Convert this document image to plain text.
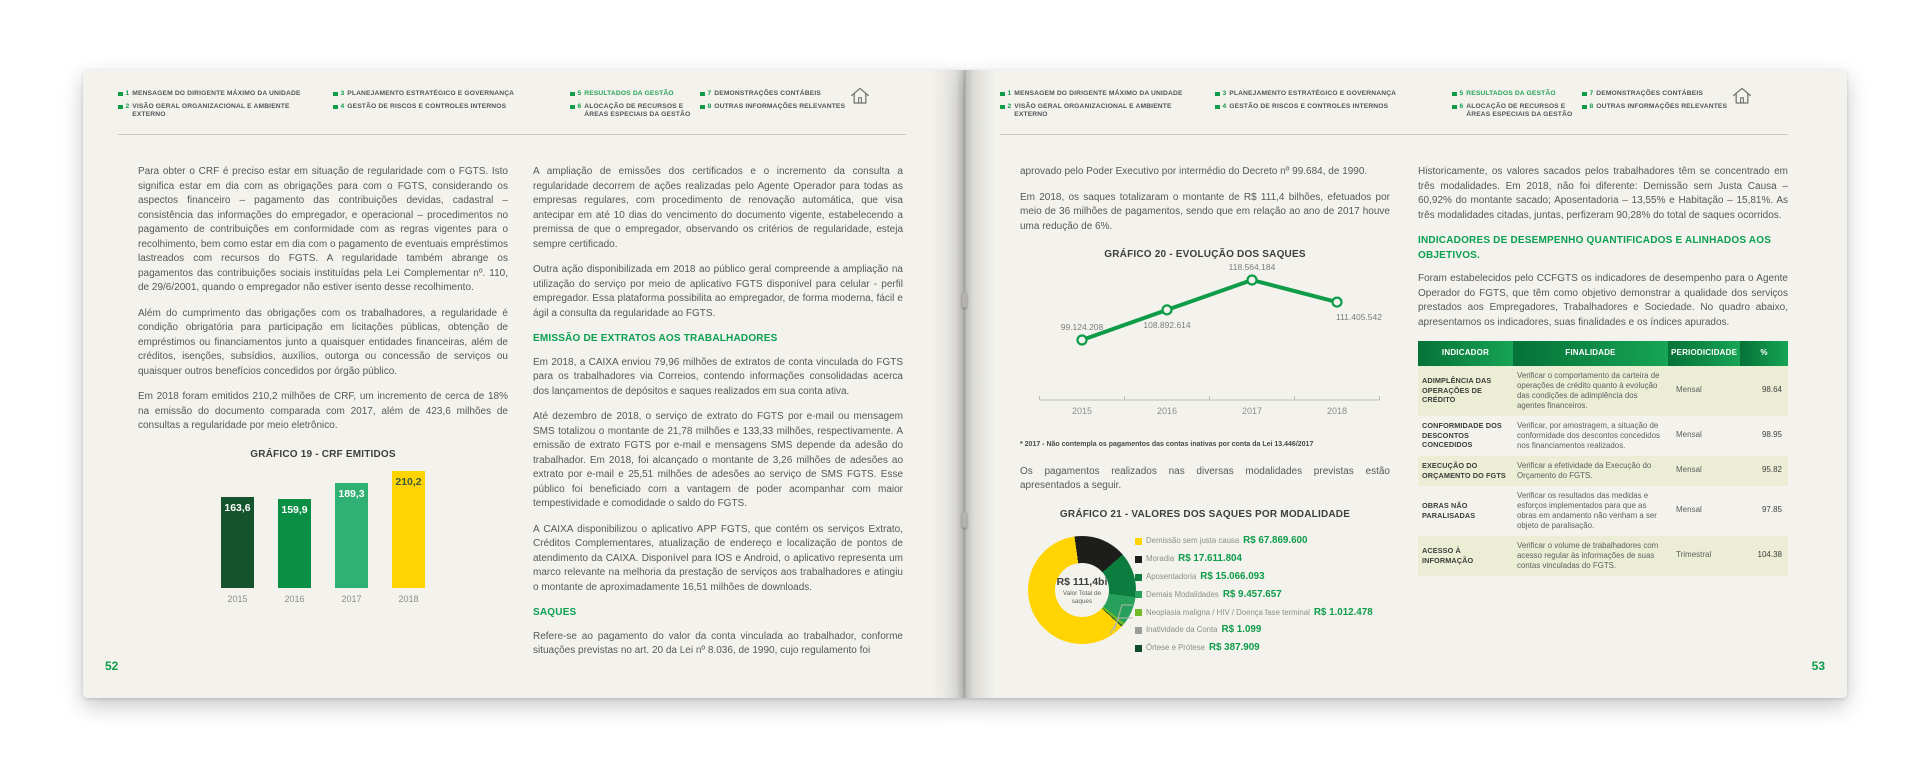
1 MENSAGEM DO DIRIGENTE MÁXIMO DA UNIDADE
2 VISÃO GERAL ORGANIZACIONAL E AMBIENTE EXTERNO
3 PLANEJAMENTO ESTRATÉGICO E GOVERNANÇA
4 GESTÃO DE RISCOS E CONTROLES INTERNOS
5 RESULTADOS DA GESTÃO
6 ALOCAÇÃO DE RECURSOS E ÁREAS ESPECIAIS DA GESTÃO
7 DEMONSTRAÇÕES CONTÁBEIS
8 OUTRAS INFORMAÇÕES RELEVANTES

Para obter o CRF é preciso estar em situação de regularidade com o FGTS. Isto significa estar em dia com as obrigações para com o FGTS, considerando os aspectos financeiro – pagamento das contribuições devidas, cadastral – consistência das informações do empregador, e operacional – procedimentos no pagamento de contribuições em conformidade com as regras vigentes para o recolhimento, bem como estar em dia com o pagamento de eventuais empréstimos lastreados com recursos do FGTS. A regularidade também abrange os pagamentos das contribuições sociais instituídas pela Lei Complementar nº. 110, de 29/6/2001, quando o empregador não estiver isento desse recolhimento.

Além do cumprimento das obrigações com os trabalhadores, a regularidade é condição obrigatória para participação em licitações públicas, obtenção de empréstimos ou financiamentos junto a quaisquer entidades financeiras, além de créditos, isenções, subsídios, auxílios, outorga ou concessão de serviços ou quaisquer outros benefícios concedidos por órgão público.

Em 2018 foram emitidos 210,2 milhões de CRF, um incremento de cerca de 18% na emissão do documento comparada com 2017, além de 423,6 milhões de consultas a regularidade por meio eletrônico.

GRÁFICO 19 - CRF EMITIDOS
163,6
2015
159,9
2016
189,3
2017
210,2
2018

A ampliação de emissões dos certificados e o incremento da consulta a regularidade decorrem de ações realizadas pelo Agente Operador para todas as empresas regulares, com procedimento de renovação automática, que visa antecipar em até 10 dias do vencimento do documento vigente, estabelecendo a premissa de que o empregador, observando os critérios de regularidade, esteja sempre certificado.

Outra ação disponibilizada em 2018 ao público geral compreende a ampliação na utilização do serviço por meio de aplicativo FGTS disponível para celular - perfil empregador. Essa plataforma possibilita ao empregador, de forma moderna, fácil e ágil a consulta da regularidade ao FGTS.

EMISSÃO DE EXTRATOS AOS TRABALHADORES

Em 2018, a CAIXA enviou 79,96 milhões de extratos de conta vinculada do FGTS para os trabalhadores via Correios, contendo informações consolidadas acerca dos lançamentos de depósitos e saques realizados em sua conta ativa.

Até dezembro de 2018, o serviço de extrato do FGTS por e-mail ou mensagem SMS totalizou o montante de 21,78 milhões e 133,33 milhões, respectivamente. A emissão de extrato FGTS por e-mail e mensagens SMS depende da adesão do trabalhador. Em 2018, foi alcançado o montante de 3,26 milhões de adesões ao extrato por e-mail e 25,51 milhões de adesões ao serviço de SMS FGTS. Esse público foi beneficiado com a vantagem de poder acompanhar com maior tempestividade e comodidade o saldo do FGTS.

A CAIXA disponibilizou o aplicativo APP FGTS, que contém os serviços Extrato, Créditos Complementares, atualização de endereço e localização de pontos de atendimento da CAIXA. Disponível para IOS e Android, o aplicativo representa um marco relevante na melhoria da prestação de serviços aos trabalhadores e atingiu o montante de aproximadamente 16,51 milhões de downloads.

SAQUES

Refere-se ao pagamento do valor da conta vinculada ao trabalhador, conforme situações previstas no art. 20 da Lei nº 8.036, de 1990, cujo regulamento foi

52
1 MENSAGEM DO DIRIGENTE MÁXIMO DA UNIDADE
2 VISÃO GERAL ORGANIZACIONAL E AMBIENTE EXTERNO
3 PLANEJAMENTO ESTRATÉGICO E GOVERNANÇA
4 GESTÃO DE RISCOS E CONTROLES INTERNOS
5 RESULTADOS DA GESTÃO
6 ALOCAÇÃO DE RECURSOS E ÁREAS ESPECIAIS DA GESTÃO
7 DEMONSTRAÇÕES CONTÁBEIS
8 OUTRAS INFORMAÇÕES RELEVANTES

aprovado pelo Poder Executivo por intermédio do Decreto nº 99.684, de 1990.

Em 2018, os saques totalizaram o montante de R$ 111,4 bilhões, efetuados por meio de 36 milhões de pagamentos, sendo que em relação ao ano de 2017 houve uma redução de 6%.

GRÁFICO 20 - EVOLUÇÃO DOS SAQUES
99.124.208
2015
108.892.614
2016
118.564.184
2017
111.405.542
2018
* 2017 - Não contempla os pagamentos das contas inativas por conta da Lei 13.446/2017

Os pagamentos realizados nas diversas modalidades previstas estão apresentados a seguir.

GRÁFICO 21 - VALORES DOS SAQUES POR MODALIDADE
R$ 111,4bi
Valor Total de saques
Demissão sem justa causa R$ 67.869.600
Moradia R$ 17.611.804
Aposentadoria R$ 15.066.093
Demais Modalidades R$ 9.457.657
Neoplasia maligna / HIV / Doença fase terminal R$ 1.012.478
Inatividade da Conta R$ 1.099
Órtese e Prótese R$ 387.909

Historicamente, os valores sacados pelos trabalhadores têm se concentrado em três modalidades. Em 2018, não foi diferente: Demissão sem Justa Causa – 60,92% do montante sacado; Aposentadoria – 13,55% e Habitação – 15,81%. As três modalidades citadas, juntas, perfizeram 90,28% do total de saques ocorridos.

INDICADORES DE DESEMPENHO QUANTIFICADOS E ALINHADOS AOS OBJETIVOS.

Foram estabelecidos pelo CCFGTS os indicadores de desempenho para o Agente Operador do FGTS, que têm como objetivo demonstrar a qualidade dos serviços prestados aos Empregadores, Trabalhadores e Sociedade. No quadro abaixo, apresentamos os indicadores, suas finalidades e os índices apurados.

INDICADOR	FINALIDADE	PERIODICIDADE	%
ADIMPLÊNCIA DAS OPERAÇÕES DE CRÉDITO	Verificar o comportamento da carteira de operações de crédito quanto à evolução das condições de adimplência dos agentes financeiros.	Mensal	98.64
CONFORMIDADE DOS DESCONTOS CONCEDIDOS	Verificar, por amostragem, a situação de conformidade dos descontos concedidos nos financiamentos realizados.	Mensal	98.95
EXECUÇÃO DO ORÇAMENTO DO FGTS	Verificar a efetividade da Execução do Orçamento do FGTS.	Mensal	95.82
OBRAS NÃO PARALISADAS	Verificar os resultados das medidas e esforços implementados para que as obras em andamento não venham a ser objeto de paralisação.	Mensal	97.85
ACESSO À INFORMAÇÃO	Verificar o volume de trabalhadores com acesso regular às informações de suas contas vinculadas do FGTS.	Trimestral	104.38
53
